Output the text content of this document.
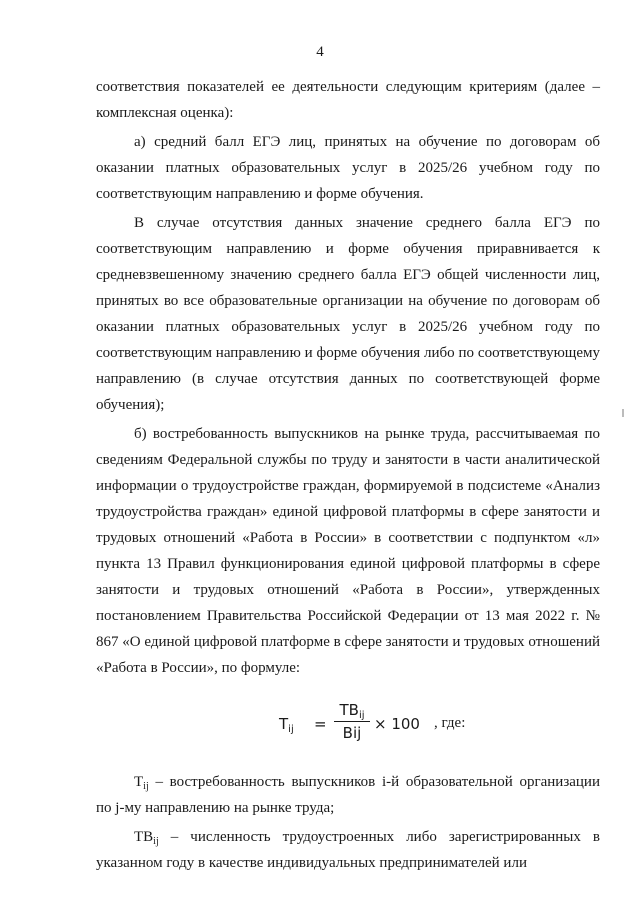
4

соответствия показателей ее деятельности следующим критериям (далее – комплексная оценка):

а) средний балл ЕГЭ лиц, принятых на обучение по договорам об оказании платных образовательных услуг в 2025/26 учебном году по соответствующим направлению и форме обучения.

В случае отсутствия данных значение среднего балла ЕГЭ по соответствующим направлению и форме обучения приравнивается к средневзвешенному значению среднего балла ЕГЭ общей численности лиц, принятых во все образовательные организации на обучение по договорам об оказании платных образовательных услуг в 2025/26 учебном году по соответствующим направлению и форме обучения либо по соответствующему направлению (в случае отсутствия данных по соответствующей форме обучения);

б) востребованность выпускников на рынке труда, рассчитываемая по сведениям Федеральной службы по труду и занятости в части аналитической информации о трудоустройстве граждан, формируемой в подсистеме «Анализ трудоустройства граждан» единой цифровой платформы в сфере занятости и трудовых отношений «Работа в России» в соответствии с подпунктом «л» пункта 13 Правил функционирования единой цифровой платформы в сфере занятости и трудовых отношений «Работа в России», утвержденных постановлением Правительства Российской Федерации от 13 мая 2022 г. № 867 «О единой цифровой платформе в сфере занятости и трудовых отношений «Работа в России», по формуле:

$T_{ij}$ =
$TB_{ij}$
Bij × 100 , где:

$T_{ij}$ – востребованность выпускников i-й образовательной организации по j-му направлению на рынке труда;

$TB_{ij}$ – численность трудоустроенных либо зарегистрированных в указанном году в качестве индивидуальных предпринимателей или
